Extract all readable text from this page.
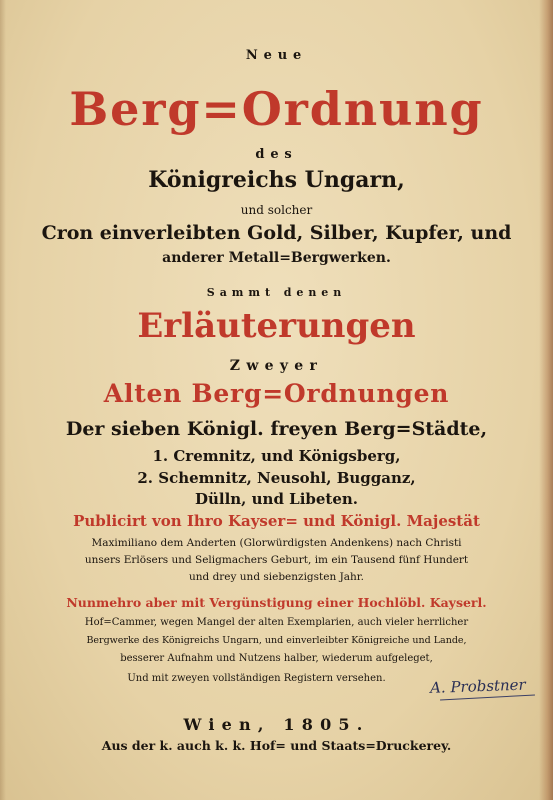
Neue
Berg=Ordnung
des
Königreichs Ungarn,
und solcher
Cron einverleibten Gold, Silber, Kupfer, und
anderer Metall=Bergwerken.
Sammt denen
Erläuterungen
Zweyer
Alten Berg=Ordnungen
Der sieben Königl. freyen Berg=Städte,
1. Cremnitz, und Königsberg,
2. Schemnitz, Neusohl, Bugganz,
Dülln, und Libeten.
Publicirt von Ihro Kayser= und Königl. Majestät
Maximiliano dem Anderten (Glorwürdigsten Andenkens) nach Christi
unsers Erlösers und Seligmachers Geburt, im ein Tausend fünf Hundert
und drey und siebenzigsten Jahr.
Nunmehro aber mit Vergünstigung einer Hochlöbl. Kayserl.
Hof=Cammer, wegen Mangel der alten Exemplarien, auch vieler herrlicher
Bergwerke des Königreichs Ungarn, und einverleibter Königreiche und Lande,
besserer Aufnahm und Nutzens halber, wiederum aufgeleget,
Und mit zweyen vollständigen Registern versehen.
Wien, 1805.
Aus der k. auch k. k. Hof= und Staats=Druckerey.
A. Probstner
